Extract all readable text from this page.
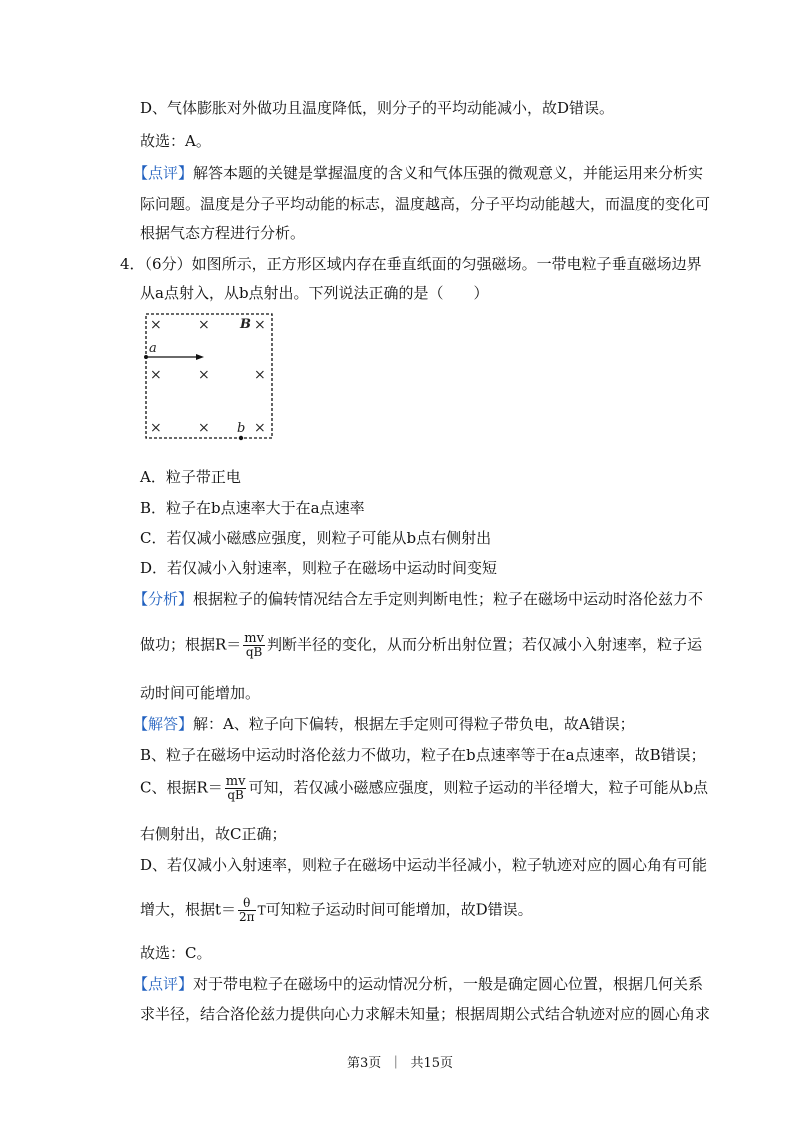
D、气体膨胀对外做功且温度降低，则分子的平均动能减小，故D错误。
故选：A。
【点评】解答本题的关键是掌握温度的含义和气体压强的微观意义，并能运用来分析实
际问题。温度是分子平均动能的标志，温度越高，分子平均动能越大，而温度的变化可
根据气态方程进行分析。
4．（6分）如图所示，正方形区域内存在垂直纸面的匀强磁场。一带电粒子垂直磁场边界
从a点射入，从b点射出。下列说法正确的是（　　）
×	× B ×
a
×	×	×
×	× b ×
A．粒子带正电
B．粒子在b点速率大于在a点速率
C．若仅减小磁感应强度，则粒子可能从b点右侧射出
D．若仅减小入射速率，则粒子在磁场中运动时间变短
【分析】根据粒子的偏转情况结合左手定则判断电性；粒子在磁场中运动时洛伦兹力不
做功；根据$R= \frac{mv}{qB}$ 判断半径的变化，从而分析出射位置；若仅减小入射速率，粒子运
动时间可能增加。
【解答】解：A、粒子向下偏转，根据左手定则可得粒子带负电，故A错误；
B、粒子在磁场中运动时洛伦兹力不做功，粒子在b点速率等于在a点速率，故B错误；
C、根据$R= \frac{mv}{qB}$ 可知，若仅减小磁感应强度，则粒子运动的半径增大，粒子可能从b点
右侧射出，故C正确；
D、若仅减小入射速率，则粒子在磁场中运动半径减小，粒子轨迹对应的圆心角有可能
增大，根据$t= \frac{\theta}{2\pi}$ T可知粒子运动时间可能增加，故D错误。
故选：C。
【点评】对于带电粒子在磁场中的运动情况分析，一般是确定圆心位置，根据几何关系
求半径，结合洛伦兹力提供向心力求解未知量；根据周期公式结合轨迹对应的圆心角求
第3页 ｜ 共15页
